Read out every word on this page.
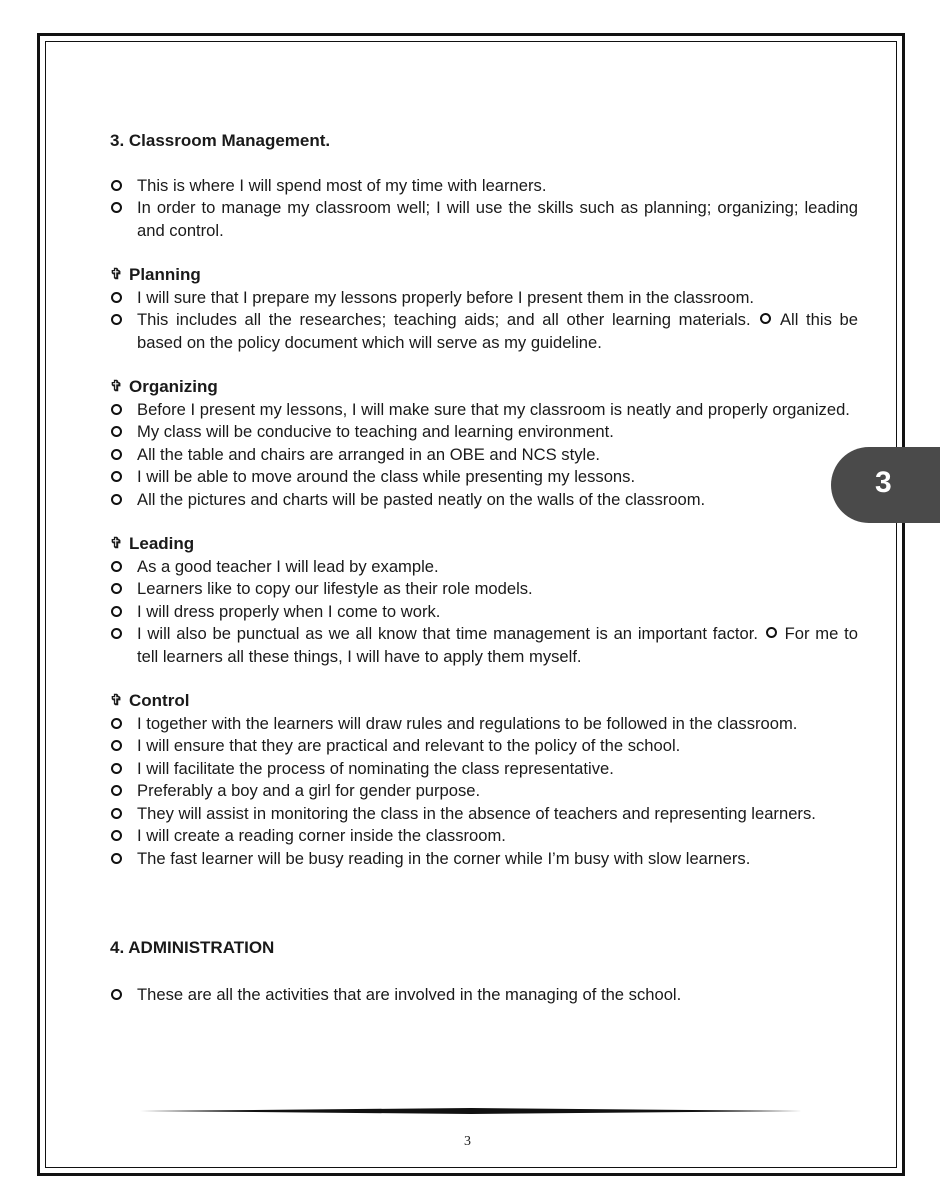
3

3. Classroom Management.

This is where I will spend most of my time with learners.
In order to manage my classroom well; I will use the skills such as planning; organizing; leading and control.
✞ Planning
I will sure that I prepare my lessons properly before I present them in the classroom.
This includes all the researches; teaching aids; and all other learning materials. All this be based on the policy document which will serve as my guideline.
✞ Organizing
Before I present my lessons, I will make sure that my classroom is neatly and properly organized.
My class will be conducive to teaching and learning environment.
All the table and chairs are arranged in an OBE and NCS style.
I will be able to move around the class while presenting my lessons.
All the pictures and charts will be pasted neatly on the walls of the classroom.
✞ Leading
As a good teacher I will lead by example.
Learners like to copy our lifestyle as their role models.
I will dress properly when I come to work.
I will also be punctual as we all know that time management is an important factor. For me to tell learners all these things, I will have to apply them myself.
✞ Control
I together with the learners will draw rules and regulations to be followed in the classroom.
I will ensure that they are practical and relevant to the policy of the school.
I will facilitate the process of nominating the class representative.
Preferably a boy and a girl for gender purpose.
They will assist in monitoring the class in the absence of teachers and representing learners.
I will create a reading corner inside the classroom.
The fast learner will be busy reading in the corner while I’m busy with slow learners.

4. ADMINISTRATION

These are all the activities that are involved in the managing of the school.
3
